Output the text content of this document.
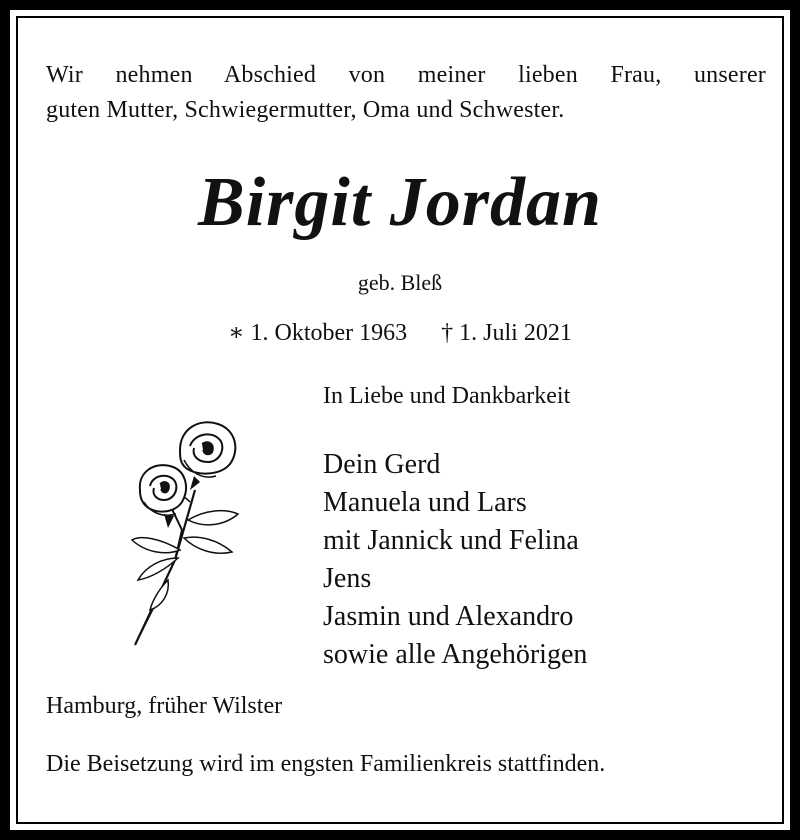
Wir nehmen Abschied von meiner lieben Frau, unserer
guten Mutter, Schwiegermutter, Oma und Schwester.
Birgit Jordan
geb. Bleß
∗ 1. Oktober 1963 † 1. Juli 2021
In Liebe und Dankbarkeit
Dein Gerd
Manuela und Lars
mit Jannick und Felina
Jens
Jasmin und Alexandro
sowie alle Angehörigen
Hamburg, früher Wilster
Die Beisetzung wird im engsten Familienkreis stattfinden.
